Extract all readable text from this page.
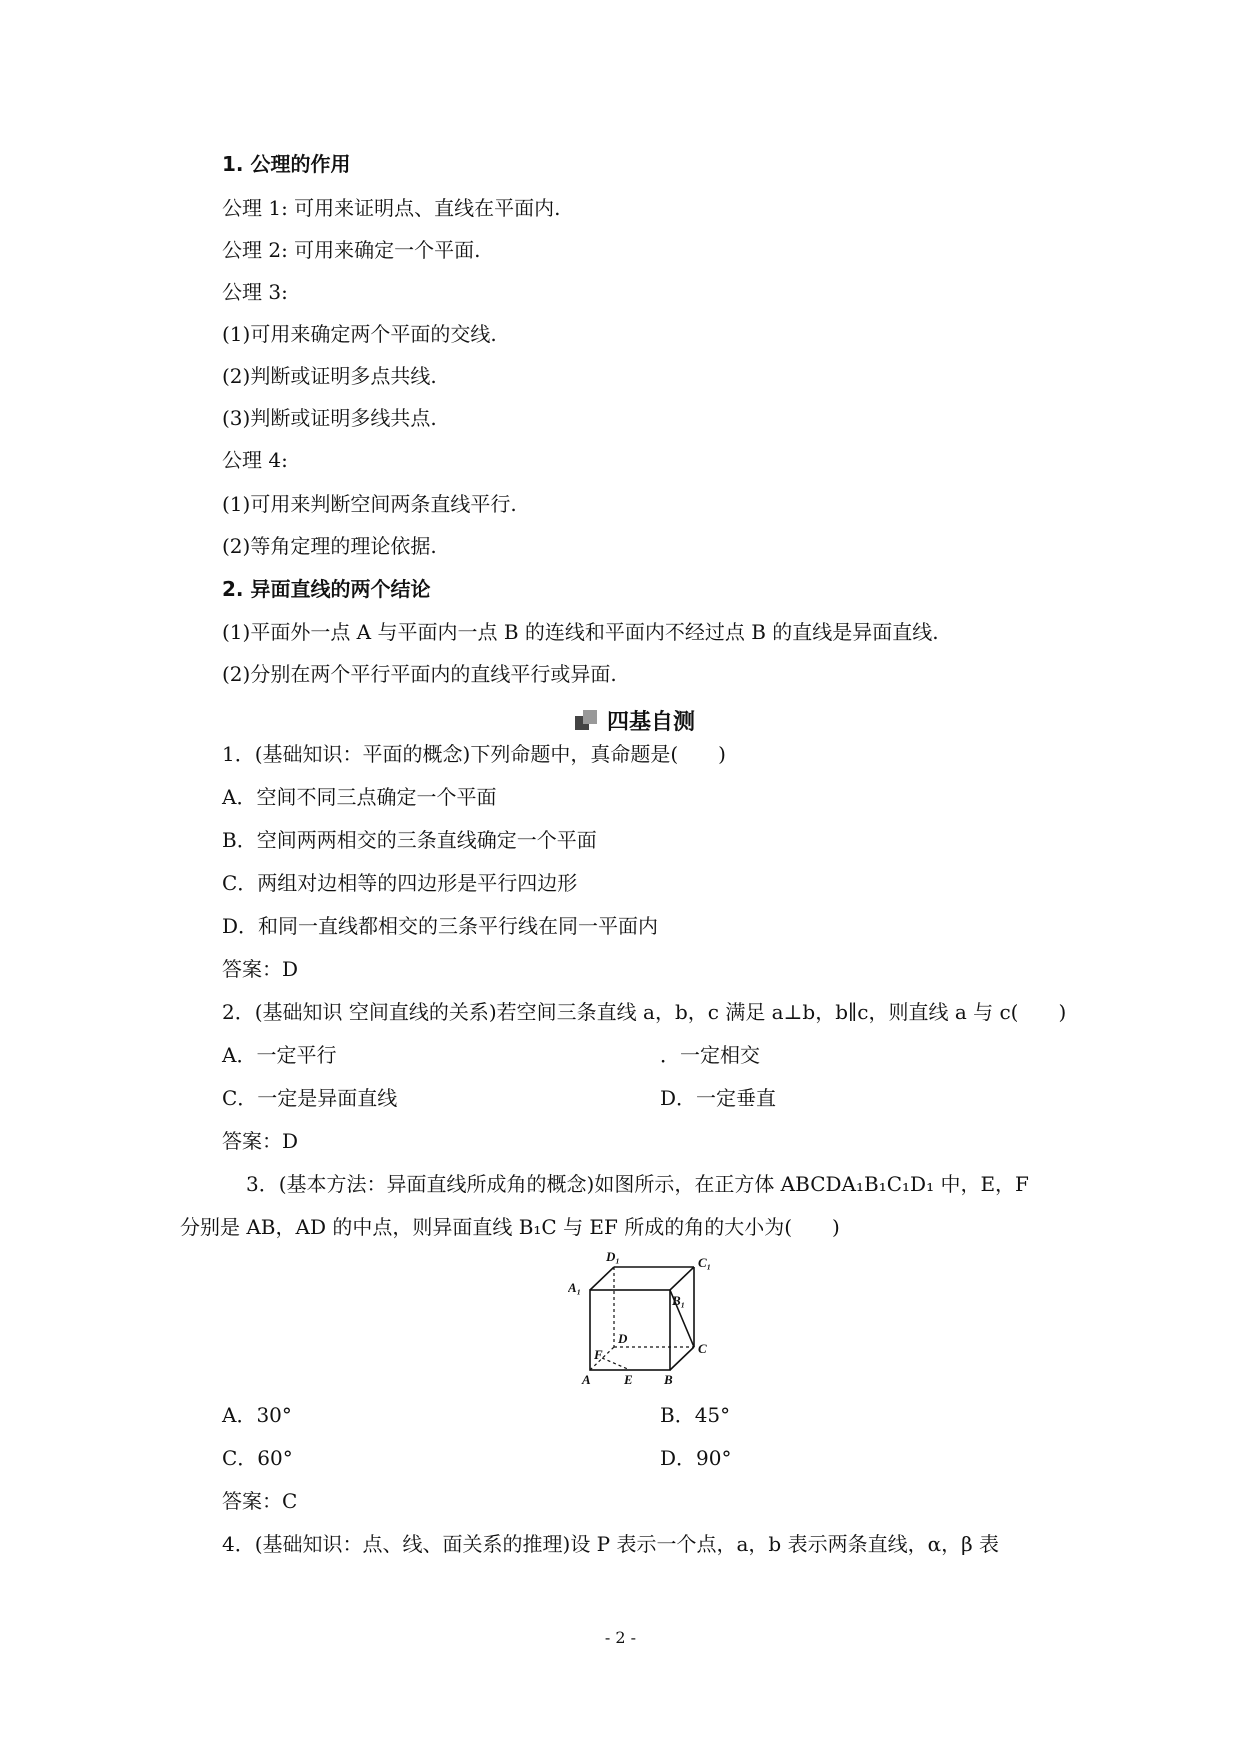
1. 公理的作用
公理 1: 可用来证明点、直线在平面内.
公理 2: 可用来确定一个平面.
公理 3:
(1)可用来确定两个平面的交线.
(2)判断或证明多点共线.
(3)判断或证明多线共点.
公理 4:
(1)可用来判断空间两条直线平行.
(2)等角定理的理论依据.
2. 异面直线的两个结论
(1)平面外一点 A 与平面内一点 B 的连线和平面内不经过点 B 的直线是异面直线.
(2)分别在两个平行平面内的直线平行或异面.
四基自测
1．(基础知识：平面的概念)下列命题中，真命题是(　　)
A．空间不同三点确定一个平面
B．空间两两相交的三条直线确定一个平面
C．两组对边相等的四边形是平行四边形
D．和同一直线都相交的三条平行线在同一平面内
答案：D
2．(基础知识 空间直线的关系)若空间三条直线 a，b，c 满足 a⊥b，b∥c，则直线 a 与 c(　　)
A．一定平行	．一定相交
C．一定是异面直线	D．一定垂直
答案：D
3．(基本方法：异面直线所成角的概念)如图所示，在正方体 ABCDA₁B₁C₁D₁ 中，E，F
分别是 AB，AD 的中点，则异面直线 B₁C 与 EF 所成的角的大小为(　　)
D₁	C₁
A₁
B₁
D
C
F
A	E B
A．30°	B．45°
C．60°	D．90°
答案：C
4．(基础知识：点、线、面关系的推理)设 P 表示一个点，a，b 表示两条直线，α，β 表
- 2 -
